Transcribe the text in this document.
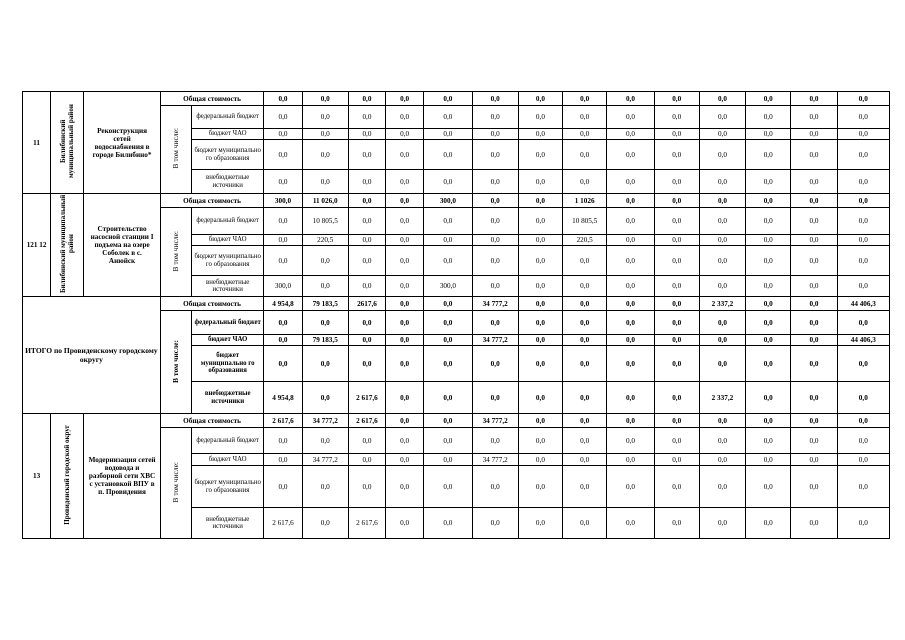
11	Билибинский муниципальный район	Реконструкция сетей водоснабжения в городе Билибино*	Общая стоимость		0,0	0,0	0,0	0,0	0,0	0,0	0,0	0,0	0,0	0,0	0,0	0,0	0,0	0,0
			В том числе:	федеральный бюджет	0,0	0,0	0,0	0,0	0,0	0,0	0,0	0,0	0,0	0,0	0,0	0,0	0,0	0,0
				бюджет ЧАО	0,0	0,0	0,0	0,0	0,0	0,0	0,0	0,0	0,0	0,0	0,0	0,0	0,0	0,0
				бюджет муниципально го образования	0,0	0,0	0,0	0,0	0,0	0,0	0,0	0,0	0,0	0,0	0,0	0,0	0,0	0,0
				внебюджетные источники	0,0	0,0	0,0	0,0	0,0	0,0	0,0	0,0	0,0	0,0	0,0	0,0	0,0	0,0
121 12	Билибинский муниципальный район	Строительство насосной станции I подъема на озере Соболек в с. Анюйск	Общая стоимость		300,0	11 026,0	0,0	0,0	300,0	0,0	0,0	1 1026	0,0	0,0	0,0	0,0	0,0	0,0
			В том числе:	федеральный бюджет	0,0	10 805,5	0,0	0,0	0,0	0,0	0,0	10 805,5	0,0	0,0	0,0	0,0	0,0	0,0
				бюджет ЧАО	0,0	220,5	0,0	0,0	0,0	0,0	0,0	220,5	0,0	0,0	0,0	0,0	0,0	0,0
				бюджет муниципально го образования	0,0	0,0	0,0	0,0	0,0	0,0	0,0	0,0	0,0	0,0	0,0	0,0	0,0	0,0
				внебюджетные источники	300,0	0,0	0,0	0,0	300,0	0,0	0,0	0,0	0,0	0,0	0,0	0,0	0,0	0,0
ИТОГО по Провиденскому городскому округу			Общая стоимость		4 954,8	79 183,5	2617,6	0,0	0,0	34 777,2	0,0	0,0	0,0	0,0	2 337,2	0,0	0,0	44 406,3
			В том числе:	федеральный бюджет	0,0	0,0	0,0	0,0	0,0	0,0	0,0	0,0	0,0	0,0	0,0	0,0	0,0	0,0
				бюджет ЧАО	0,0	79 183,5	0,0	0,0	0,0	34 777,2	0,0	0,0	0,0	0,0	0,0	0,0	0,0	44 406,3
				бюджет муниципально го образования	0,0	0,0	0,0	0,0	0,0	0,0	0,0	0,0	0,0	0,0	0,0	0,0	0,0	0,0
				внебюджетные источники	4 954,8	0,0	2 617,6	0,0	0,0	0,0	0,0	0,0	0,0	0,0	2 337,2	0,0	0,0	0,0
13	Провиденский городской округ	Модернизация сетей водовода и разборной сети ХВС с установкой ВПУ в п. Провидения	Общая стоимость		2 617,6	34 777,2	2 617,6	0,0	0,0	34 777,2	0,0	0,0	0,0	0,0	0,0	0,0	0,0	0,0
			В том числе:	федеральный бюджет	0,0	0,0	0,0	0,0	0,0	0,0	0,0	0,0	0,0	0,0	0,0	0,0	0,0	0,0
				бюджет ЧАО	0,0	34 777,2	0,0	0,0	0,0	34 777,2	0,0	0,0	0,0	0,0	0,0	0,0	0,0	0,0
				бюджет муниципально го образования	0,0	0,0	0,0	0,0	0,0	0,0	0,0	0,0	0,0	0,0	0,0	0,0	0,0	0,0
				внебюджетные источники	2 617,6	0,0	2 617,6	0,0	0,0	0,0	0,0	0,0	0,0	0,0	0,0	0,0	0,0	0,0
